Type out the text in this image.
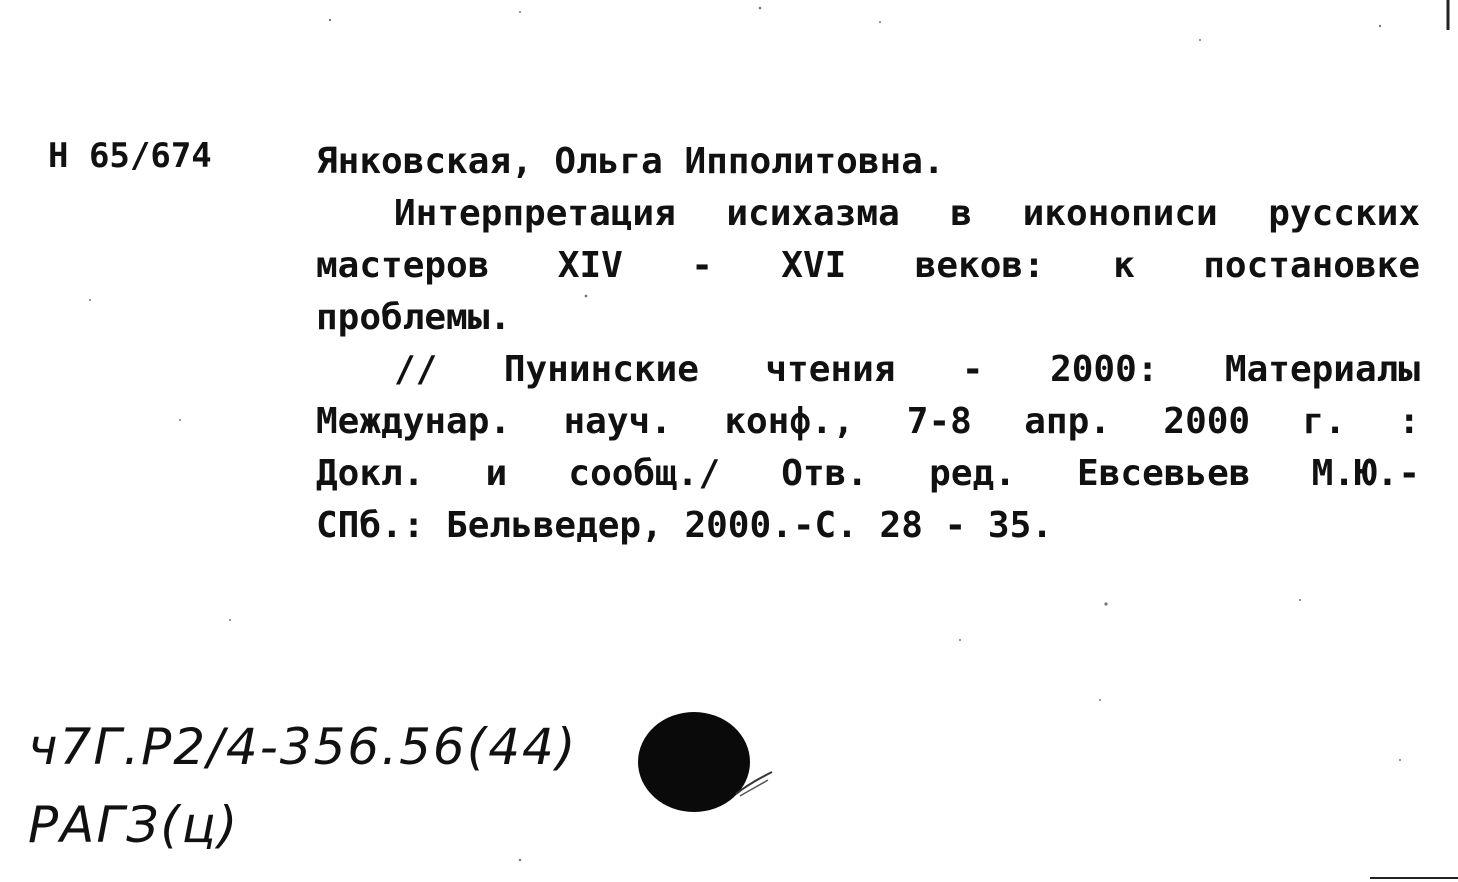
Н 65/674	Янковская, Ольга Ипполитовна.
Интерпретация исихазма в иконописи русских
мастеров XIV - XVI веков: к постановке
проблемы.
// Пунинские чтения - 2000: Материалы
Междунар. науч. конф., 7-8 апр. 2000 г. :
Докл. и сообщ./ Отв. ред. Евсевьев М.Ю.-
СПб.: Бельведер, 2000.-С. 28 - 35.
ч7Г.Р2/4-356.56(44)
РАГЗ(ц)
